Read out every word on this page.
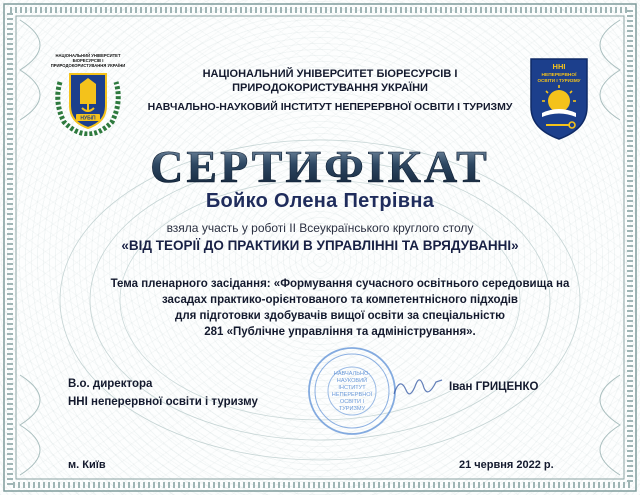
НАЦІОНАЛЬНИЙ УНІВЕРСИТЕТ
БІОРЕСУРСІВ І
ПРИРОДОКОРИСТУВАННЯ УКРАЇНИ
НУБіП
ННІ
НЕПЕРЕРВНОЇ
ОСВІТИ І ТУРИЗМУ
НАЦІОНАЛЬНИЙ УНІВЕРСИТЕТ БІОРЕСУРСІВ І
ПРИРОДОКОРИСТУВАННЯ УКРАЇНИ
НАВЧАЛЬНО-НАУКОВИЙ ІНСТИТУТ НЕПЕРЕРВНОЇ ОСВІТИ І ТУРИЗМУ
СЕРТИФІКАТ
Бойко Олена Петрівна
взяла участь у роботі ІІ Всеукраїнського круглого столу
«ВІД ТЕОРІЇ ДО ПРАКТИКИ В УПРАВЛІННІ ТА ВРЯДУВАННІ»
Тема пленарного засідання: «Формування сучасного освітнього середовища на
засадах практико-орієнтованого та компетентнісного підходів
для підготовки здобувачів вищої освіти за спеціальністю
281 «Публічне управління та адміністрування».
НАВЧАЛЬНО-
НАУКОВИЙ
ІНСТИТУТ
НЕПЕРЕРВНОЇ
ОСВІТИ І
ТУРИЗМУ
В.о. директора
ННІ неперервної освіти і туризму
Іван ГРИЦЕНКО
м. Київ	21 червня 2022 р.
